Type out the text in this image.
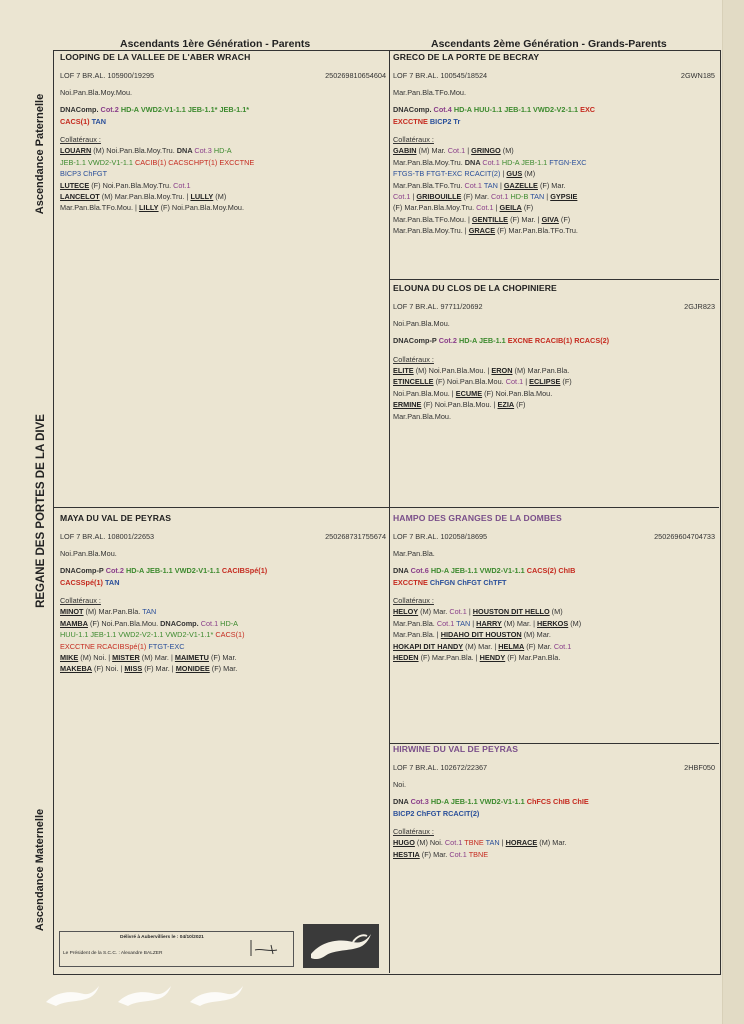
Ascendants 1ère Génération - Parents	Ascendants 2ème Génération - Grands-Parents
Ascendance Paternelle
REGANE DES PORTES DE LA DIVE
Ascendance Maternelle
LOOPING DE LA VALLEE DE L'ABER WRACH
LOF 7 BR.AL. 105900/19295	250269810654604
Noi.Pan.Bla.Moy.Mou.
DNAComp. Cot.2 HD-A VWD2-V1-1.1 JEB-1.1* JEB-1.1*
CACS(1) TAN
Collatéraux :
LOUARN (M) Noi.Pan.Bla.Moy.Tru. DNA Cot.3 HD-A
JEB-1.1 VWD2-V1-1.1 CACIB(1) CACSCHPT(1) EXCCTNE
BICP3 ChFGT
LUTECE (F) Noi.Pan.Bla.Moy.Tru. Cot.1
LANCELOT (M) Mar.Pan.Bla.Moy.Tru. | LULLY (M)
Mar.Pan.Bla.TFo.Mou. | LILLY (F) Noi.Pan.Bla.Moy.Mou.
GRECO DE LA PORTE DE BECRAY
LOF 7 BR.AL. 100545/18524	2GWN185
Mar.Pan.Bla.TFo.Mou.
DNAComp. Cot.4 HD-A HUU-1.1 JEB-1.1 VWD2-V2-1.1 EXC
EXCCTNE BICP2 Tr
Collatéraux :
GABIN (M) Mar. Cot.1 | GRINGO (M)
Mar.Pan.Bla.Moy.Tru. DNA Cot.1 HD-A JEB-1.1 FTGN-EXC
FTGS-TB FTGT-EXC RCACIT(2) | GUS (M)
Mar.Pan.Bla.TFo.Tru. Cot.1 TAN | GAZELLE (F) Mar.
Cot.1 | GRIBOUILLE (F) Mar. Cot.1 HD-B TAN | GYPSIE
(F) Mar.Pan.Bla.Moy.Tru. Cot.1 | GEILA (F)
Mar.Pan.Bla.TFo.Mou. | GENTILLE (F) Mar. | GIVA (F)
Mar.Pan.Bla.Moy.Tru. | GRACE (F) Mar.Pan.Bla.TFo.Tru.
ELOUNA DU CLOS DE LA CHOPINIERE
LOF 7 BR.AL. 97711/20692	2GJR823
Noi.Pan.Bla.Mou.
DNAComp-P Cot.2 HD-A JEB-1.1 EXCNE RCACIB(1) RCACS(2)
Collatéraux :
ELITE (M) Noi.Pan.Bla.Mou. | ERON (M) Mar.Pan.Bla.
ETINCELLE (F) Noi.Pan.Bla.Mou. Cot.1 | ECLIPSE (F)
Noi.Pan.Bla.Mou. | ECUME (F) Noi.Pan.Bla.Mou.
ERMINE (F) Noi.Pan.Bla.Mou. | EZIA (F)
Mar.Pan.Bla.Mou.
MAYA DU VAL DE PEYRAS
LOF 7 BR.AL. 108001/22653	250268731755674
Noi.Pan.Bla.Mou.
DNAComp-P Cot.2 HD-A JEB-1.1 VWD2-V1-1.1 CACIBSpé(1)
CACSSpé(1) TAN
Collatéraux :
MINOT (M) Mar.Pan.Bla. TAN
MAMBA (F) Noi.Pan.Bla.Mou. DNAComp. Cot.1 HD-A
HUU-1.1 JEB-1.1 VWD2-V2-1.1 VWD2-V1-1.1* CACS(1)
EXCCTNE RCACIBSpé(1) FTGT-EXC
MIKE (M) Noi. | MISTER (M) Mar. | MAIMETU (F) Mar.
MAKEBA (F) Noi. | MISS (F) Mar. | MONIDEE (F) Mar.
HAMPO DES GRANGES DE LA DOMBES
LOF 7 BR.AL. 102058/18695	250269604704733
Mar.Pan.Bla.
DNA Cot.6 HD-A JEB-1.1 VWD2-V1-1.1 CACS(2) ChIB
EXCCTNE ChFGN ChFGT ChTFT
Collatéraux :
HELOY (M) Mar. Cot.1 | HOUSTON DIT HELLO (M)
Mar.Pan.Bla. Cot.1 TAN | HARRY (M) Mar. | HERKOS (M)
Mar.Pan.Bla. | HIDAHO DIT HOUSTON (M) Mar.
HOKAPI DIT HANDY (M) Mar. | HELMA (F) Mar. Cot.1
HEDEN (F) Mar.Pan.Bla. | HENDY (F) Mar.Pan.Bla.
HIRWINE DU VAL DE PEYRAS
LOF 7 BR.AL. 102672/22367	2HBF050
Noi.
DNA Cot.3 HD-A JEB-1.1 VWD2-V1-1.1 ChFCS ChIB ChIE
BICP2 ChFGT RCACIT(2)
Collatéraux :
HUGO (M) Noi. Cot.1 TBNE TAN | HORACE (M) Mar.
HESTIA (F) Mar. Cot.1 TBNE
Délivré à Aubervilliers le : 04/10/2021
Le Président de la S.C.C. : Alexandre BALZER
